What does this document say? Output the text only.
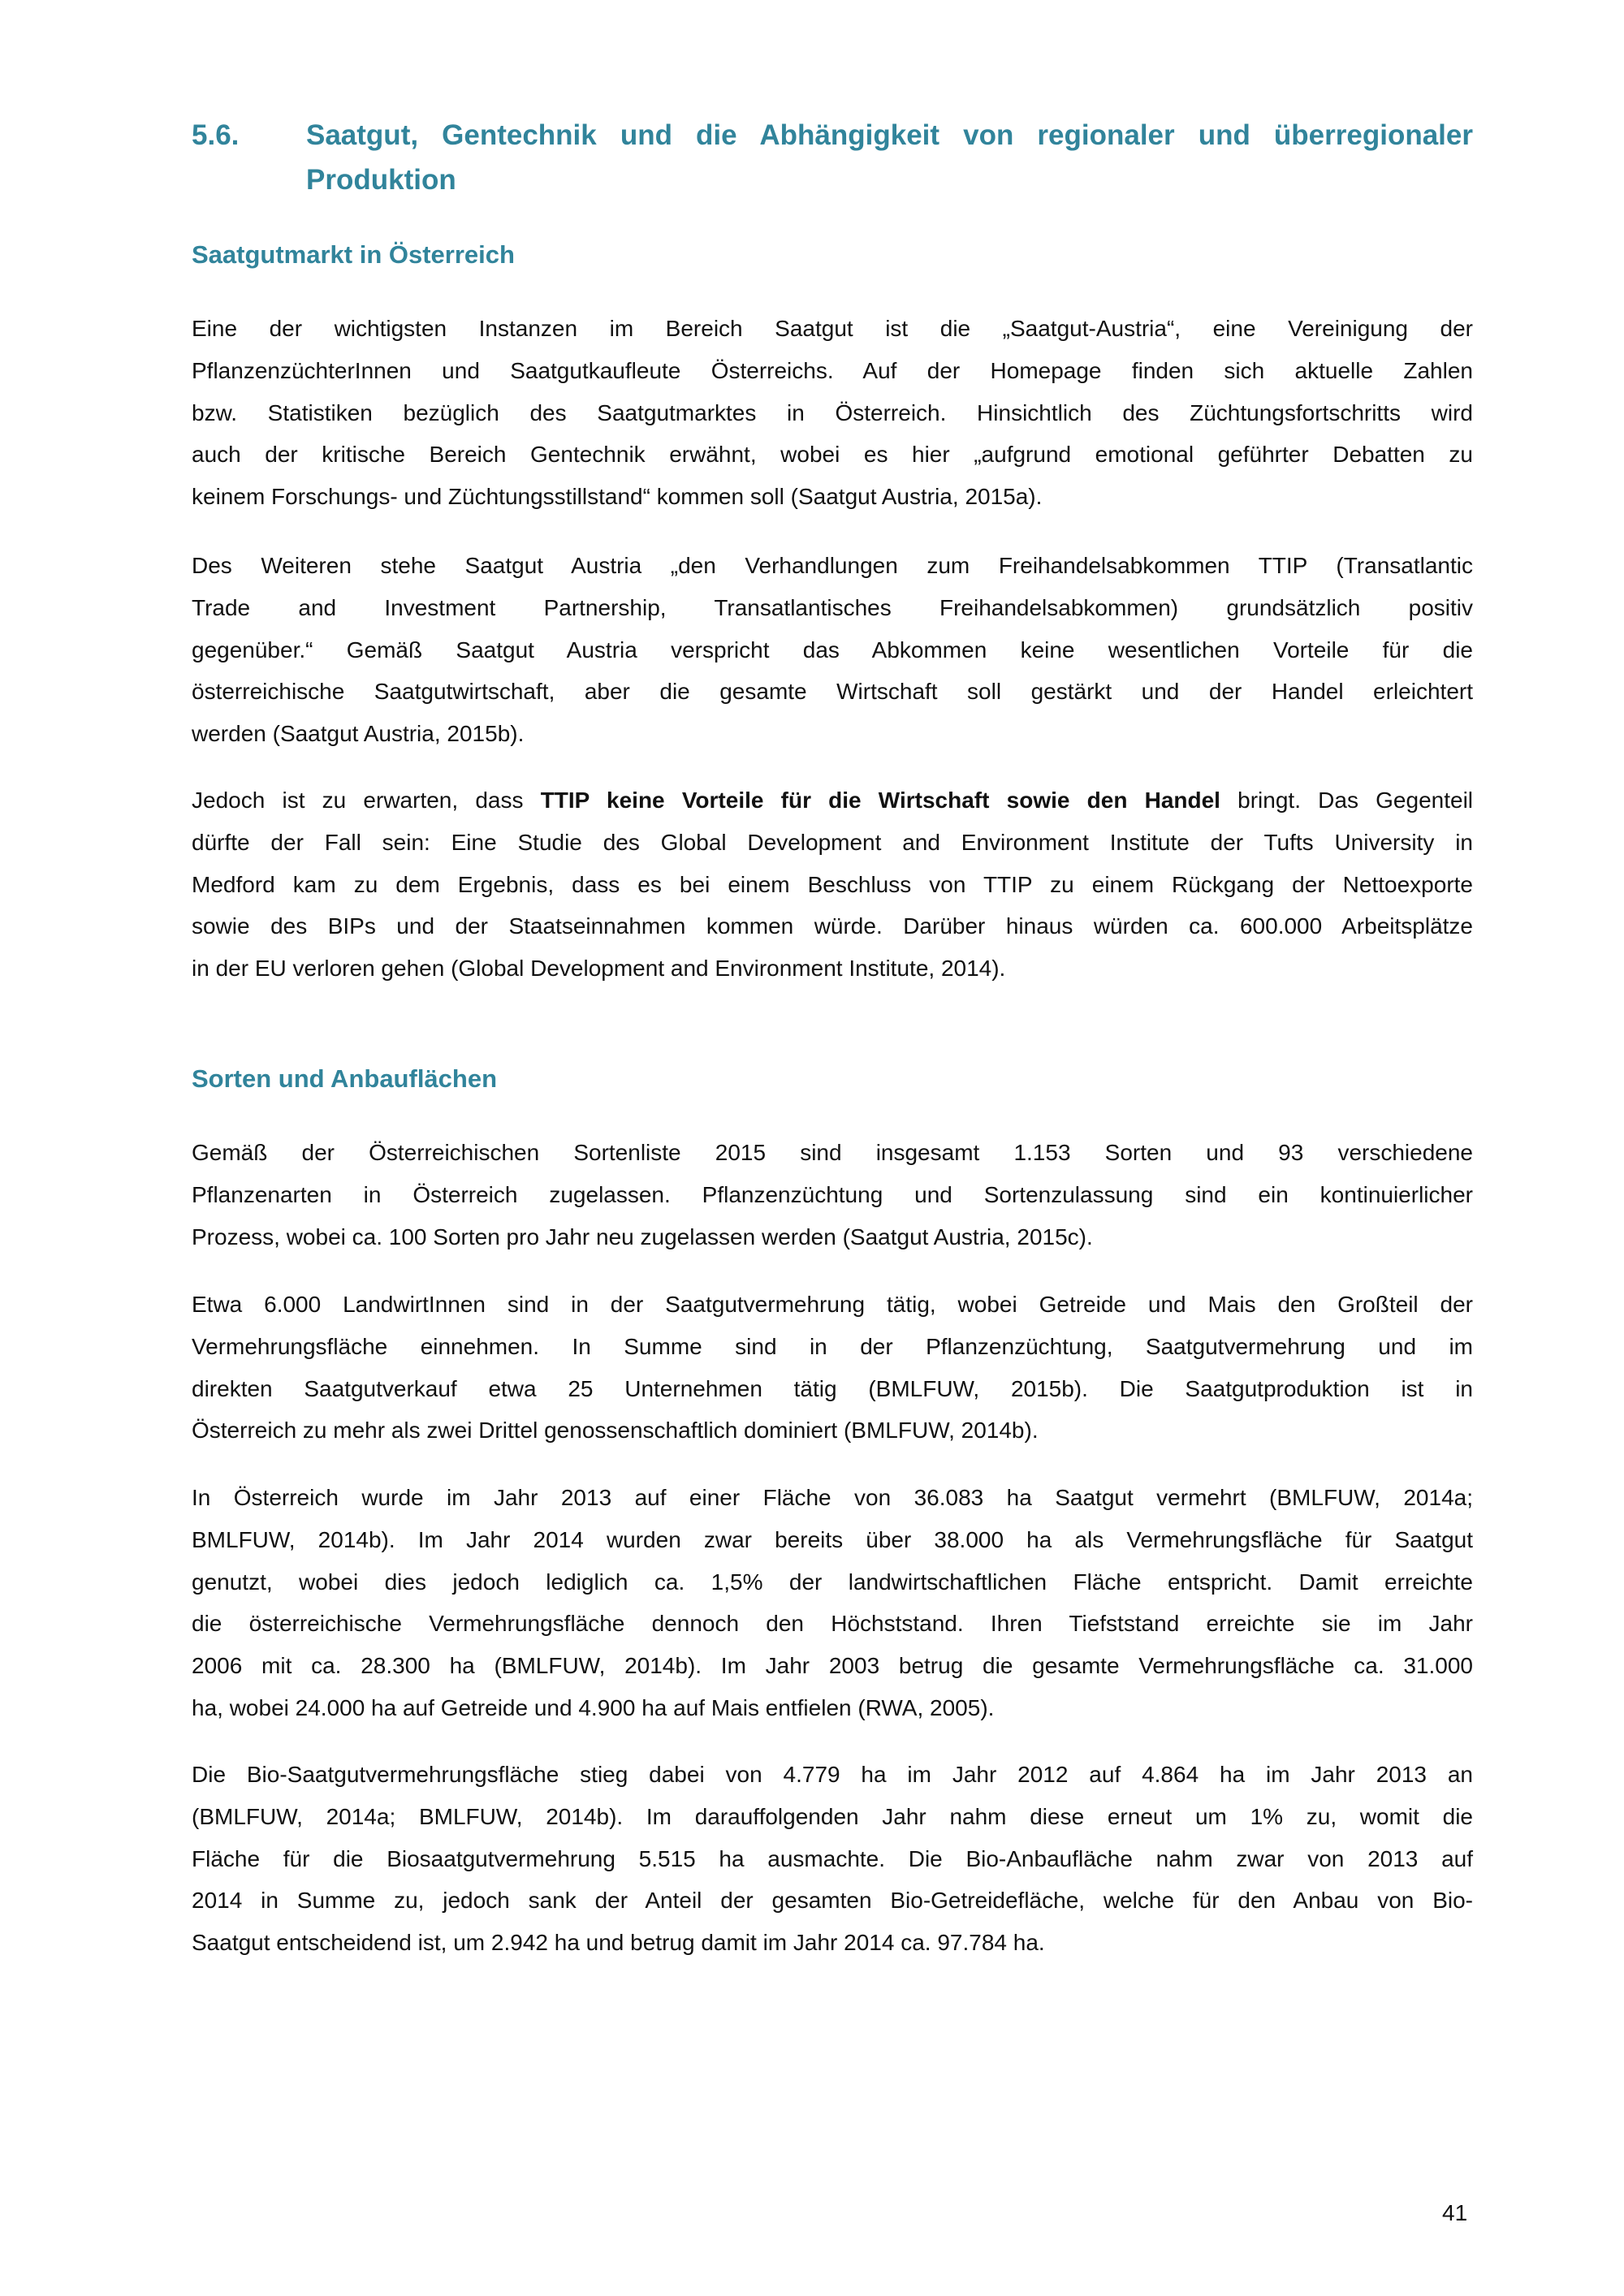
5.6. Saatgut, Gentechnik und die Abhängigkeit von regionaler und überregionaler
Produktion
Saatgutmarkt in Österreich
Eine der wichtigsten Instanzen im Bereich Saatgut ist die „Saatgut-Austria“, eine Vereinigung der
PflanzenzüchterInnen und Saatgutkaufleute Österreichs. Auf der Homepage finden sich aktuelle Zahlen
bzw. Statistiken bezüglich des Saatgutmarktes in Österreich. Hinsichtlich des Züchtungsfortschritts wird
auch der kritische Bereich Gentechnik erwähnt, wobei es hier „aufgrund emotional geführter Debatten zu
keinem Forschungs- und Züchtungsstillstand“ kommen soll (Saatgut Austria, 2015a).
Des Weiteren stehe Saatgut Austria „den Verhandlungen zum Freihandelsabkommen TTIP (Transatlantic
Trade and Investment Partnership, Transatlantisches Freihandelsabkommen) grundsätzlich positiv
gegenüber.“ Gemäß Saatgut Austria verspricht das Abkommen keine wesentlichen Vorteile für die
österreichische Saatgutwirtschaft, aber die gesamte Wirtschaft soll gestärkt und der Handel erleichtert
werden (Saatgut Austria, 2015b).
Jedoch ist zu erwarten, dass TTIP keine Vorteile für die Wirtschaft sowie den Handel bringt. Das Gegenteil
dürfte der Fall sein: Eine Studie des Global Development and Environment Institute der Tufts University in
Medford kam zu dem Ergebnis, dass es bei einem Beschluss von TTIP zu einem Rückgang der Nettoexporte
sowie des BIPs und der Staatseinnahmen kommen würde. Darüber hinaus würden ca. 600.000 Arbeitsplätze
in der EU verloren gehen (Global Development and Environment Institute, 2014).
Sorten und Anbauflächen
Gemäß der Österreichischen Sortenliste 2015 sind insgesamt 1.153 Sorten und 93 verschiedene
Pflanzenarten in Österreich zugelassen. Pflanzenzüchtung und Sortenzulassung sind ein kontinuierlicher
Prozess, wobei ca. 100 Sorten pro Jahr neu zugelassen werden (Saatgut Austria, 2015c).
Etwa 6.000 LandwirtInnen sind in der Saatgutvermehrung tätig, wobei Getreide und Mais den Großteil der
Vermehrungsfläche einnehmen. In Summe sind in der Pflanzenzüchtung, Saatgutvermehrung und im
direkten Saatgutverkauf etwa 25 Unternehmen tätig (BMLFUW, 2015b). Die Saatgutproduktion ist in
Österreich zu mehr als zwei Drittel genossenschaftlich dominiert (BMLFUW, 2014b).
In Österreich wurde im Jahr 2013 auf einer Fläche von 36.083 ha Saatgut vermehrt (BMLFUW, 2014a;
BMLFUW, 2014b). Im Jahr 2014 wurden zwar bereits über 38.000 ha als Vermehrungsfläche für Saatgut
genutzt, wobei dies jedoch lediglich ca. 1,5% der landwirtschaftlichen Fläche entspricht. Damit erreichte
die österreichische Vermehrungsfläche dennoch den Höchststand. Ihren Tiefststand erreichte sie im Jahr
2006 mit ca. 28.300 ha (BMLFUW, 2014b). Im Jahr 2003 betrug die gesamte Vermehrungsfläche ca. 31.000
ha, wobei 24.000 ha auf Getreide und 4.900 ha auf Mais entfielen (RWA, 2005).
Die Bio-Saatgutvermehrungsfläche stieg dabei von 4.779 ha im Jahr 2012 auf 4.864 ha im Jahr 2013 an
(BMLFUW, 2014a; BMLFUW, 2014b). Im darauffolgenden Jahr nahm diese erneut um 1% zu, womit die
Fläche für die Biosaatgutvermehrung 5.515 ha ausmachte. Die Bio-Anbaufläche nahm zwar von 2013 auf
2014 in Summe zu, jedoch sank der Anteil der gesamten Bio-Getreidefläche, welche für den Anbau von Bio-
Saatgut entscheidend ist, um 2.942 ha und betrug damit im Jahr 2014 ca. 97.784 ha.
41
